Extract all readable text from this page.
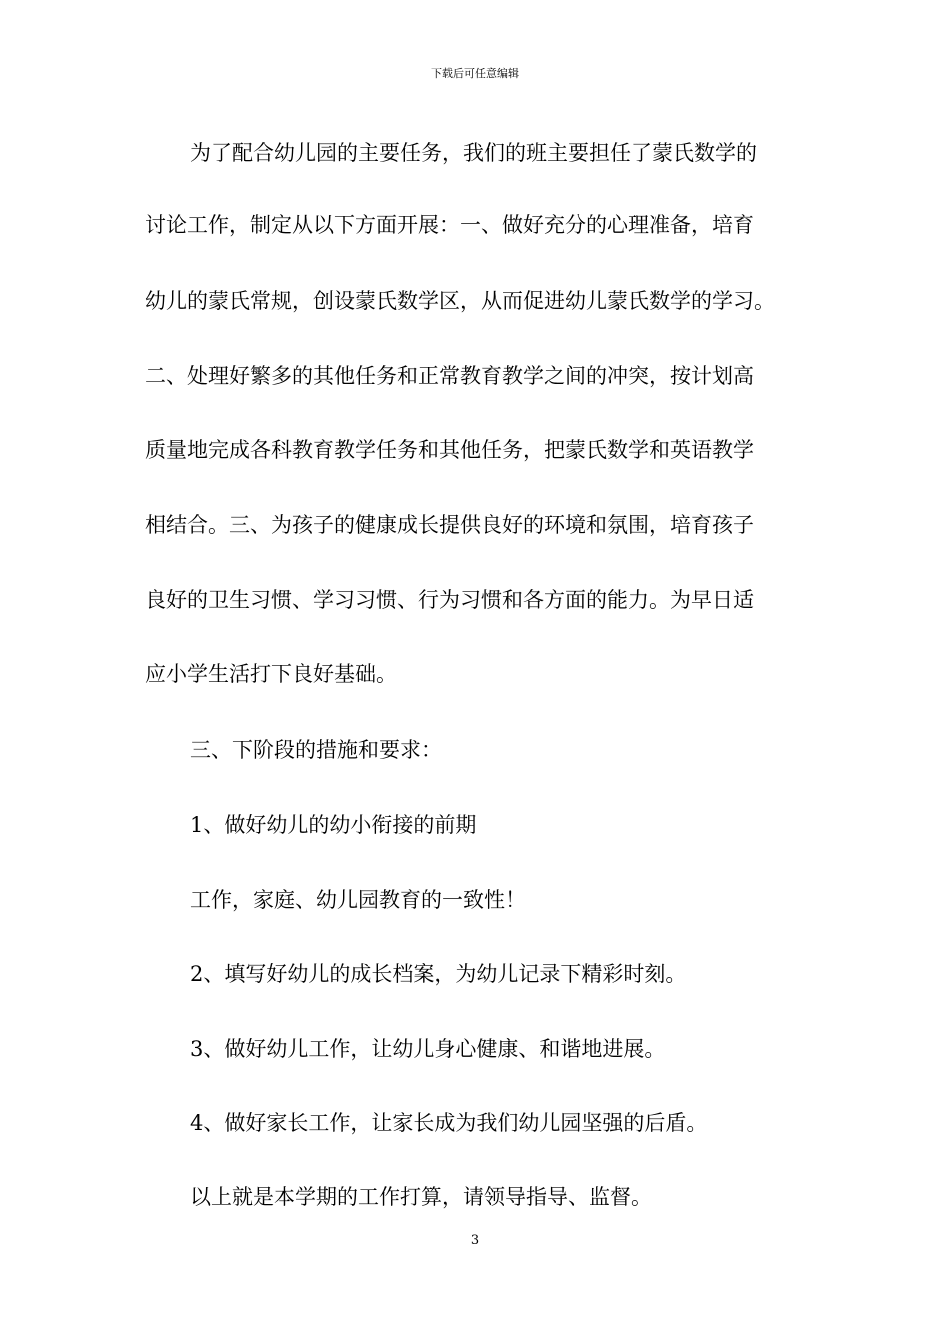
下载后可任意编辑
为了配合幼儿园的主要任务，我们的班主要担任了蒙氏数学的
讨论工作，制定从以下方面开展：一、做好充分的心理准备，培育
幼儿的蒙氏常规，创设蒙氏数学区，从而促进幼儿蒙氏数学的学习。
二、处理好繁多的其他任务和正常教育教学之间的冲突，按计划高
质量地完成各科教育教学任务和其他任务，把蒙氏数学和英语教学
相结合。三、为孩子的健康成长提供良好的环境和氛围，培育孩子
良好的卫生习惯、学习习惯、行为习惯和各方面的能力。为早日适
应小学生活打下良好基础。
三、下阶段的措施和要求：
1、做好幼儿的幼小衔接的前期
工作，家庭、幼儿园教育的一致性！
2、填写好幼儿的成长档案，为幼儿记录下精彩时刻。
3、做好幼儿工作，让幼儿身心健康、和谐地进展。
4、做好家长工作，让家长成为我们幼儿园坚强的后盾。
以上就是本学期的工作打算，请领导指导、监督。
3
